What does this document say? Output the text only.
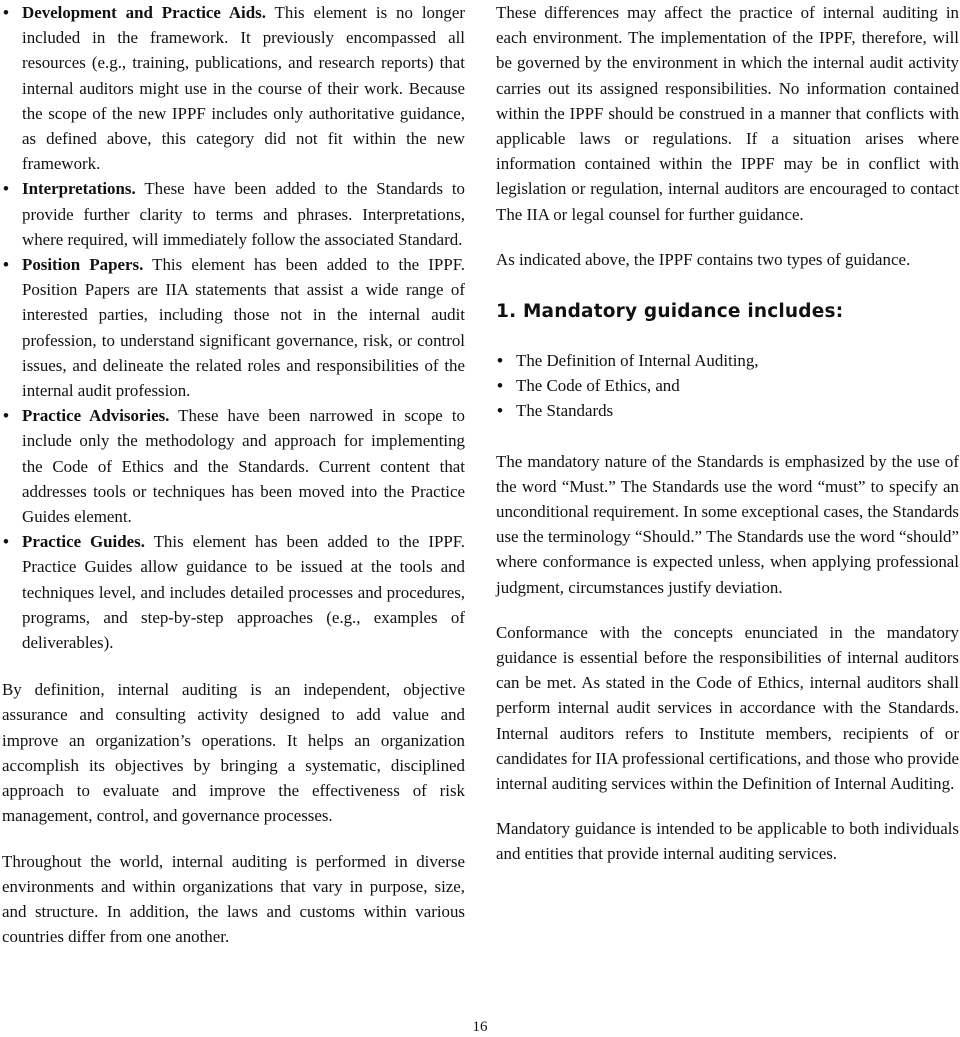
• Development and Practice Aids. This element is no longer included in the framework. It previously encompassed all resources (e.g., training, publications, and research reports) that internal auditors might use in the course of their work. Because the scope of the new IPPF includes only authoritative guidance, as defined above, this category did not fit within the new framework.
• Interpretations. These have been added to the Standards to provide further clarity to terms and phrases. Interpretations, where required, will immediately follow the associated Standard.
• Position Papers. This element has been added to the IPPF. Position Papers are IIA statements that assist a wide range of interested parties, including those not in the internal audit profession, to understand significant governance, risk, or control issues, and delineate the related roles and responsibilities of the internal audit profession.
• Practice Advisories. These have been narrowed in scope to include only the methodology and approach for implementing the Code of Ethics and the Standards. Current content that addresses tools or techniques has been moved into the Practice Guides element.
• Practice Guides. This element has been added to the IPPF. Practice Guides allow guidance to be issued at the tools and techniques level, and includes detailed processes and procedures, programs, and step-by-step approaches (e.g., examples of deliverables).

By definition, internal auditing is an independent, objective assurance and consulting activity designed to add value and improve an organization’s operations. It helps an organization accomplish its objectives by bringing a systematic, disciplined approach to evaluate and improve the effectiveness of risk management, control, and governance processes.

Throughout the world, internal auditing is performed in diverse environments and within organizations that vary in purpose, size, and structure. In addition, the laws and customs within various countries differ from one another.

These differences may affect the practice of internal auditing in each environment. The implementation of the IPPF, therefore, will be governed by the environment in which the internal audit activity carries out its assigned responsibilities. No information contained within the IPPF should be construed in a manner that conflicts with applicable laws or regulations. If a situation arises where information contained within the IPPF may be in conflict with legislation or regulation, internal auditors are encouraged to contact The IIA or legal counsel for further guidance.

As indicated above, the IPPF contains two types of guidance.

1. Mandatory guidance includes:
• The Definition of Internal Auditing,
• The Code of Ethics, and
• The Standards

The mandatory nature of the Standards is emphasized by the use of the word “Must.” The Standards use the word “must” to specify an unconditional requirement. In some exceptional cases, the Standards use the terminology “Should.” The Standards use the word “should” where conformance is expected unless, when applying professional judgment, circumstances justify deviation.

Conformance with the concepts enunciated in the mandatory guidance is essential before the responsibilities of internal auditors can be met. As stated in the Code of Ethics, internal auditors shall perform internal audit services in accordance with the Standards. Internal auditors refers to Institute members, recipients of or candidates for IIA professional certifications, and those who provide internal auditing services within the Definition of Internal Auditing.

Mandatory guidance is intended to be applicable to both individuals and entities that provide internal auditing services.

16
